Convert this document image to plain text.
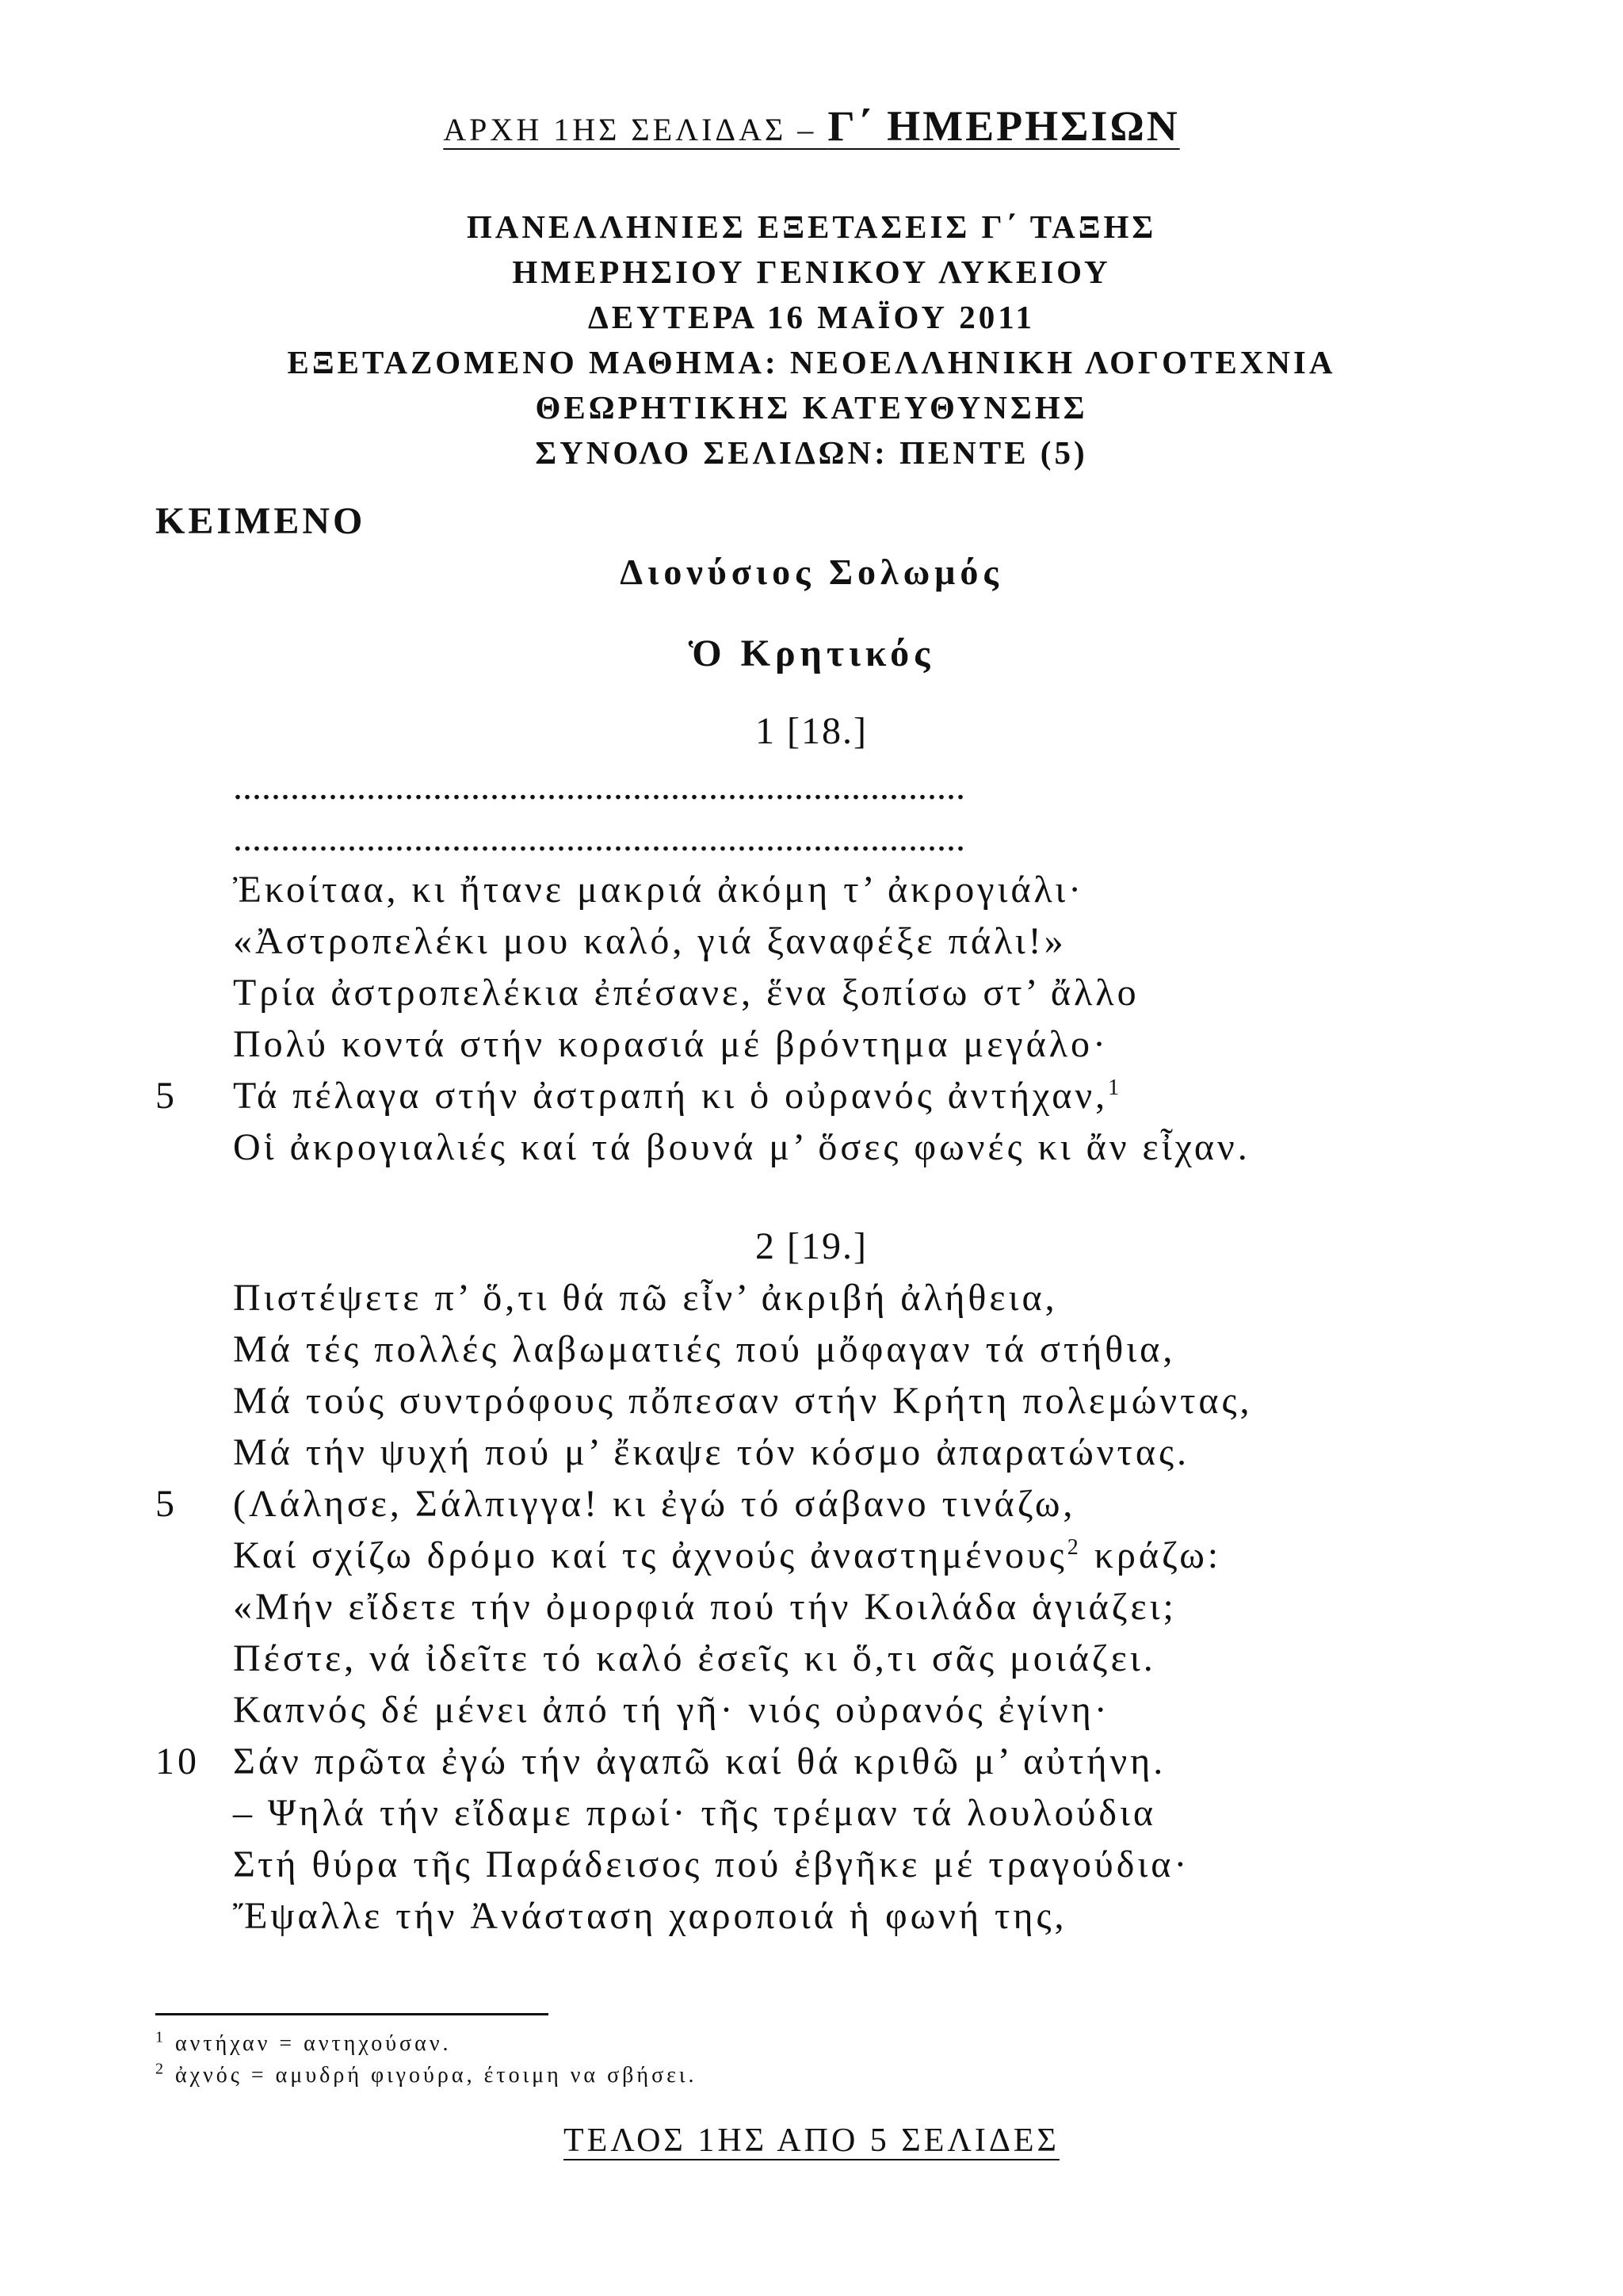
ΑΡΧΗ 1ΗΣ ΣΕΛΙΔΑΣ – Γ΄ ΗΜΕΡΗΣΙΩΝ
ΠΑΝΕΛΛΗΝΙΕΣ ΕΞΕΤΑΣΕΙΣ Γ΄ ΤΑΞΗΣ
ΗΜΕΡΗΣΙΟΥ ΓΕΝΙΚΟΥ ΛΥΚΕΙΟΥ
ΔΕΥΤΕΡΑ 16 ΜΑΪΟΥ 2011
ΕΞΕΤΑΖΟΜΕΝΟ ΜΑΘΗΜΑ: ΝΕΟΕΛΛΗΝΙΚΗ ΛΟΓΟΤΕΧΝΙΑ
ΘΕΩΡΗΤΙΚΗΣ ΚΑΤΕΥΘΥΝΣΗΣ
ΣΥΝΟΛΟ ΣΕΛΙΔΩΝ: ΠΕΝΤΕ (5)
ΚΕΙΜΕΝΟ
Διονύσιος Σολωμός
Ὁ Κρητικός
1 [18.]
.............................................................................
.............................................................................
Ἐκοίταα, κι ἤτανε μακριά ἀκόμη τ’ ἀκρογιάλι·
«Ἀστροπελέκι μου καλό, γιά ξαναφέξε πάλι!»
Τρία ἀστροπελέκια ἐπέσανε, ἕνα ξοπίσω στ’ ἄλλο
Πολύ κοντά στήν κορασιά μέ βρόντημα μεγάλο·
5	Τά πέλαγα στήν ἀστραπή κι ὁ οὐρανός ἀντήχαν,$^1$
Οἱ ἀκρογιαλιές καί τά βουνά μ’ ὅσες φωνές κι ἄν εἶχαν.
2 [19.]
Πιστέψετε π’ ὅ,τι θά πῶ εἶν’ ἀκριβή ἀλήθεια,
Μά τές πολλές λαβωματιές πού μὄφαγαν τά στήθια,
Μά τούς συντρόφους πὄπεσαν στήν Κρήτη πολεμώντας,
Μά τήν ψυχή πού μ’ ἔκαψε τόν κόσμο ἀπαρατώντας.
5	(Λάλησε, Σάλπιγγα! κι ἐγώ τό σάβανο τινάζω,
Καί σχίζω δρόμο καί τς ἀχνούς ἀναστημένους$^2$ κράζω:
«Μήν εἴδετε τήν ὀμορφιά πού τήν Κοιλάδα ἁγιάζει;
Πέστε, νά ἰδεῖτε τό καλό ἐσεῖς κι ὅ,τι σᾶς μοιάζει.
Καπνός δέ μένει ἀπό τή γῆ· νιός οὐρανός ἐγίνη·
10 Σάν πρῶτα ἐγώ τήν ἀγαπῶ καί θά κριθῶ μ’ αὐτήνη.
– Ψηλά τήν εἴδαμε πρωί· τῆς τρέμαν τά λουλούδια
Στή θύρα τῆς Παράδεισος πού ἐβγῆκε μέ τραγούδια·
Ἔψαλλε τήν Ἀνάσταση χαροποιά ἡ φωνή της,
$^1$ αντήχαν = αντηχούσαν.
$^2$ ἀχνός = αμυδρή φιγούρα, έτοιμη να σβήσει.
ΤΕΛΟΣ 1ΗΣ ΑΠΟ 5 ΣΕΛΙΔΕΣ
